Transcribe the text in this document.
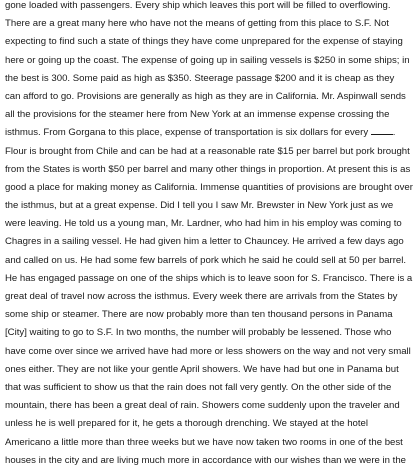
gone loaded with passengers. Every ship which leaves this port will be filled to overflowing.
There are a great many here who have not the means of getting from this place to S.F. Not
expecting to find such a state of things they have come unprepared for the expense of staying
here or going up the coast. The expense of going up in sailing vessels is $250 in some ships; in
the best is 300. Some paid as high as $350. Steerage passage $200 and it is cheap as they
can afford to go. Provisions are generally as high as they are in California. Mr. Aspinwall sends
all the provisions for the steamer here from New York at an immense expense crossing the
isthmus. From Gorgana to this place, expense of transportation is six dollars for every .
Flour is brought from Chile and can be had at a reasonable rate $15 per barrel but pork brought
from the States is worth $50 per barrel and many other things in proportion. At present this is as
good a place for making money as California. Immense quantities of provisions are brought over
the isthmus, but at a great expense. Did I tell you I saw Mr. Brewster in New York just as we
were leaving. He told us a young man, Mr. Lardner, who had him in his employ was coming to
Chagres in a sailing vessel. He had given him a letter to Chauncey. He arrived a few days ago
and called on us. He had some few barrels of pork which he said he could sell at 50 per barrel.
He has engaged passage on one of the ships which is to leave soon for S. Francisco. There is a
great deal of travel now across the isthmus. Every week there are arrivals from the States by
some ship or steamer. There are now probably more than ten thousand persons in Panama
[City] waiting to go to S.F. In two months, the number will probably be lessened. Those who
have come over since we arrived have had more or less showers on the way and not very small
ones either. They are not like your gentle April showers. We have had but one in Panama but
that was sufficient to show us that the rain does not fall very gently. On the other side of the
mountain, there has been a great deal of rain. Showers come suddenly upon the traveler and
unless he is well prepared for it, he gets a thorough drenching. We stayed at the hotel
Americano a little more than three weeks but we have now taken two rooms in one of the best
houses in the city and are living much more in accordance with our wishes than we were in the
